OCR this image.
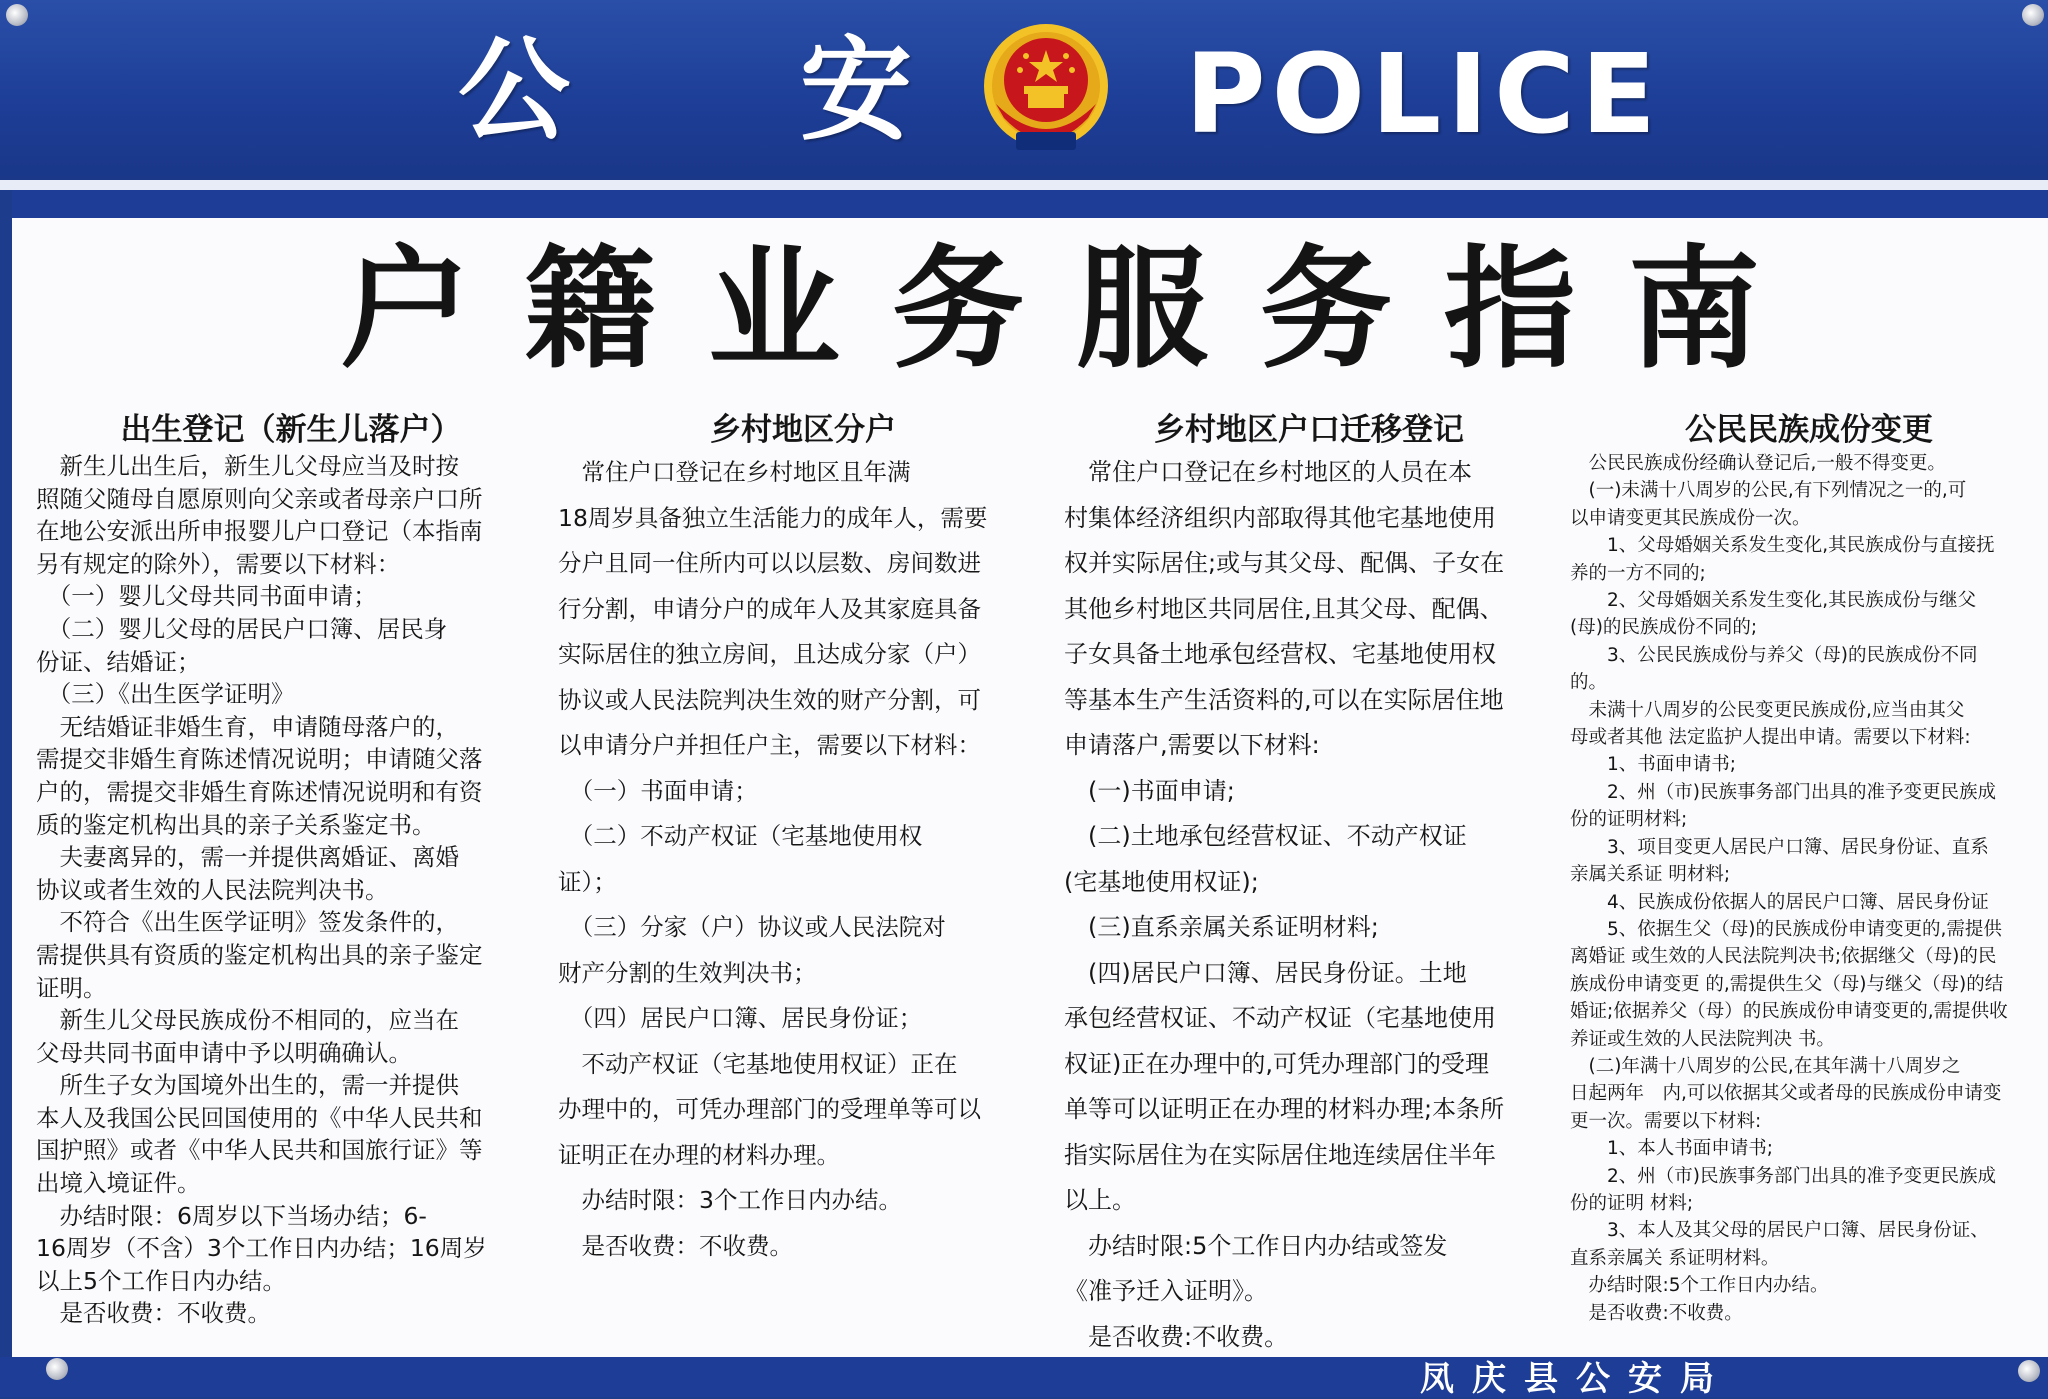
公 安 POLICE
户籍业务服务指南
出生登记（新生儿落户）

　新生儿出生后，新生儿父母应当及时按

照随父随母自愿原则向父亲或者母亲户口所

在地公安派出所申报婴儿户口登记（本指南

另有规定的除外），需要以下材料：

　（一）婴儿父母共同书面申请；

　（二）婴儿父母的居民户口簿、居民身

份证、结婚证；

　（三）《出生医学证明》

　无结婚证非婚生育，申请随母落户的，

需提交非婚生育陈述情况说明；申请随父落

户的，需提交非婚生育陈述情况说明和有资

质的鉴定机构出具的亲子关系鉴定书。

　夫妻离异的，需一并提供离婚证、离婚

协议或者生效的人民法院判决书。

　不符合《出生医学证明》签发条件的，

需提供具有资质的鉴定机构出具的亲子鉴定

证明。

　新生儿父母民族成份不相同的，应当在

父母共同书面申请中予以明确确认。

　所生子女为国境外出生的，需一并提供

本人及我国公民回国使用的《中华人民共和

国护照》或者《中华人民共和国旅行证》等

出境入境证件。

　办结时限：6周岁以下当场办结；6-

16周岁（不含）3个工作日内办结；16周岁

以上5个工作日内办结。

　是否收费：不收费。

乡村地区分户

　常住户口登记在乡村地区且年满

18周岁具备独立生活能力的成年人，需要

分户且同一住所内可以以层数、房间数进

行分割，申请分户的成年人及其家庭具备

实际居住的独立房间，且达成分家（户）

协议或人民法院判决生效的财产分割，可

以申请分户并担任户主，需要以下材料：

　（一）书面申请；

　（二）不动产权证（宅基地使用权

证）；

　（三）分家（户）协议或人民法院对

财产分割的生效判决书；

　（四）居民户口簿、居民身份证；

　不动产权证（宅基地使用权证）正在

办理中的，可凭办理部门的受理单等可以

证明正在办理的材料办理。

　办结时限：3个工作日内办结。

　是否收费：不收费。

乡村地区户口迁移登记

　常住户口登记在乡村地区的人员在本

村集体经济组织内部取得其他宅基地使用

权并实际居住;或与其父母、配偶、子女在

其他乡村地区共同居住,且其父母、配偶、

子女具备土地承包经营权、宅基地使用权

等基本生产生活资料的,可以在实际居住地

申请落户,需要以下材料:

　(一)书面申请;

　(二)土地承包经营权证、不动产权证

(宅基地使用权证);

　(三)直系亲属关系证明材料;

　(四)居民户口簿、居民身份证。土地

承包经营权证、不动产权证（宅基地使用

权证)正在办理中的,可凭办理部门的受理

单等可以证明正在办理的材料办理;本条所

指实际居住为在实际居住地连续居住半年

以上。

　办结时限:5个工作日内办结或签发

《准予迁入证明》。

　是否收费:不收费。

公民民族成份变更

　公民民族成份经确认登记后,一般不得变更。

　(一)未满十八周岁的公民,有下列情况之一的,可

以申请变更其民族成份一次。

　　1、父母婚姻关系发生变化,其民族成份与直接抚

养的一方不同的;

　　2、父母婚姻关系发生变化,其民族成份与继父

(母)的民族成份不同的;

　　3、公民民族成份与养父（母)的民族成份不同

的。

　未满十八周岁的公民变更民族成份,应当由其父

母或者其他 法定监护人提出申请。需要以下材料:

　　1、书面申请书;

　　2、州（市)民族事务部门出具的准予变更民族成

份的证明材料;

　　3、项目变更人居民户口簿、居民身份证、直系

亲属关系证 明材料;

　　4、民族成份依据人的居民户口簿、居民身份证

　　5、依据生父（母)的民族成份申请变更的,需提供

离婚证 或生效的人民法院判决书;依据继父（母)的民

族成份申请变更 的,需提供生父（母)与继父（母)的结

婚证;依据养父（母）的民族成份申请变更的,需提供收

养证或生效的人民法院判决 书。

　(二)年满十八周岁的公民,在其年满十八周岁之

日起两年　内,可以依据其父或者母的民族成份申请变

更一次。需要以下材料:

　　1、本人书面申请书;

　　2、州（市)民族事务部门出具的准予变更民族成

份的证明 材料;

　　3、本人及其父母的居民户口簿、居民身份证、

直系亲属关 系证明材料。

　办结时限:5个工作日内办结。

　是否收费:不收费。

凤庆县公安局
